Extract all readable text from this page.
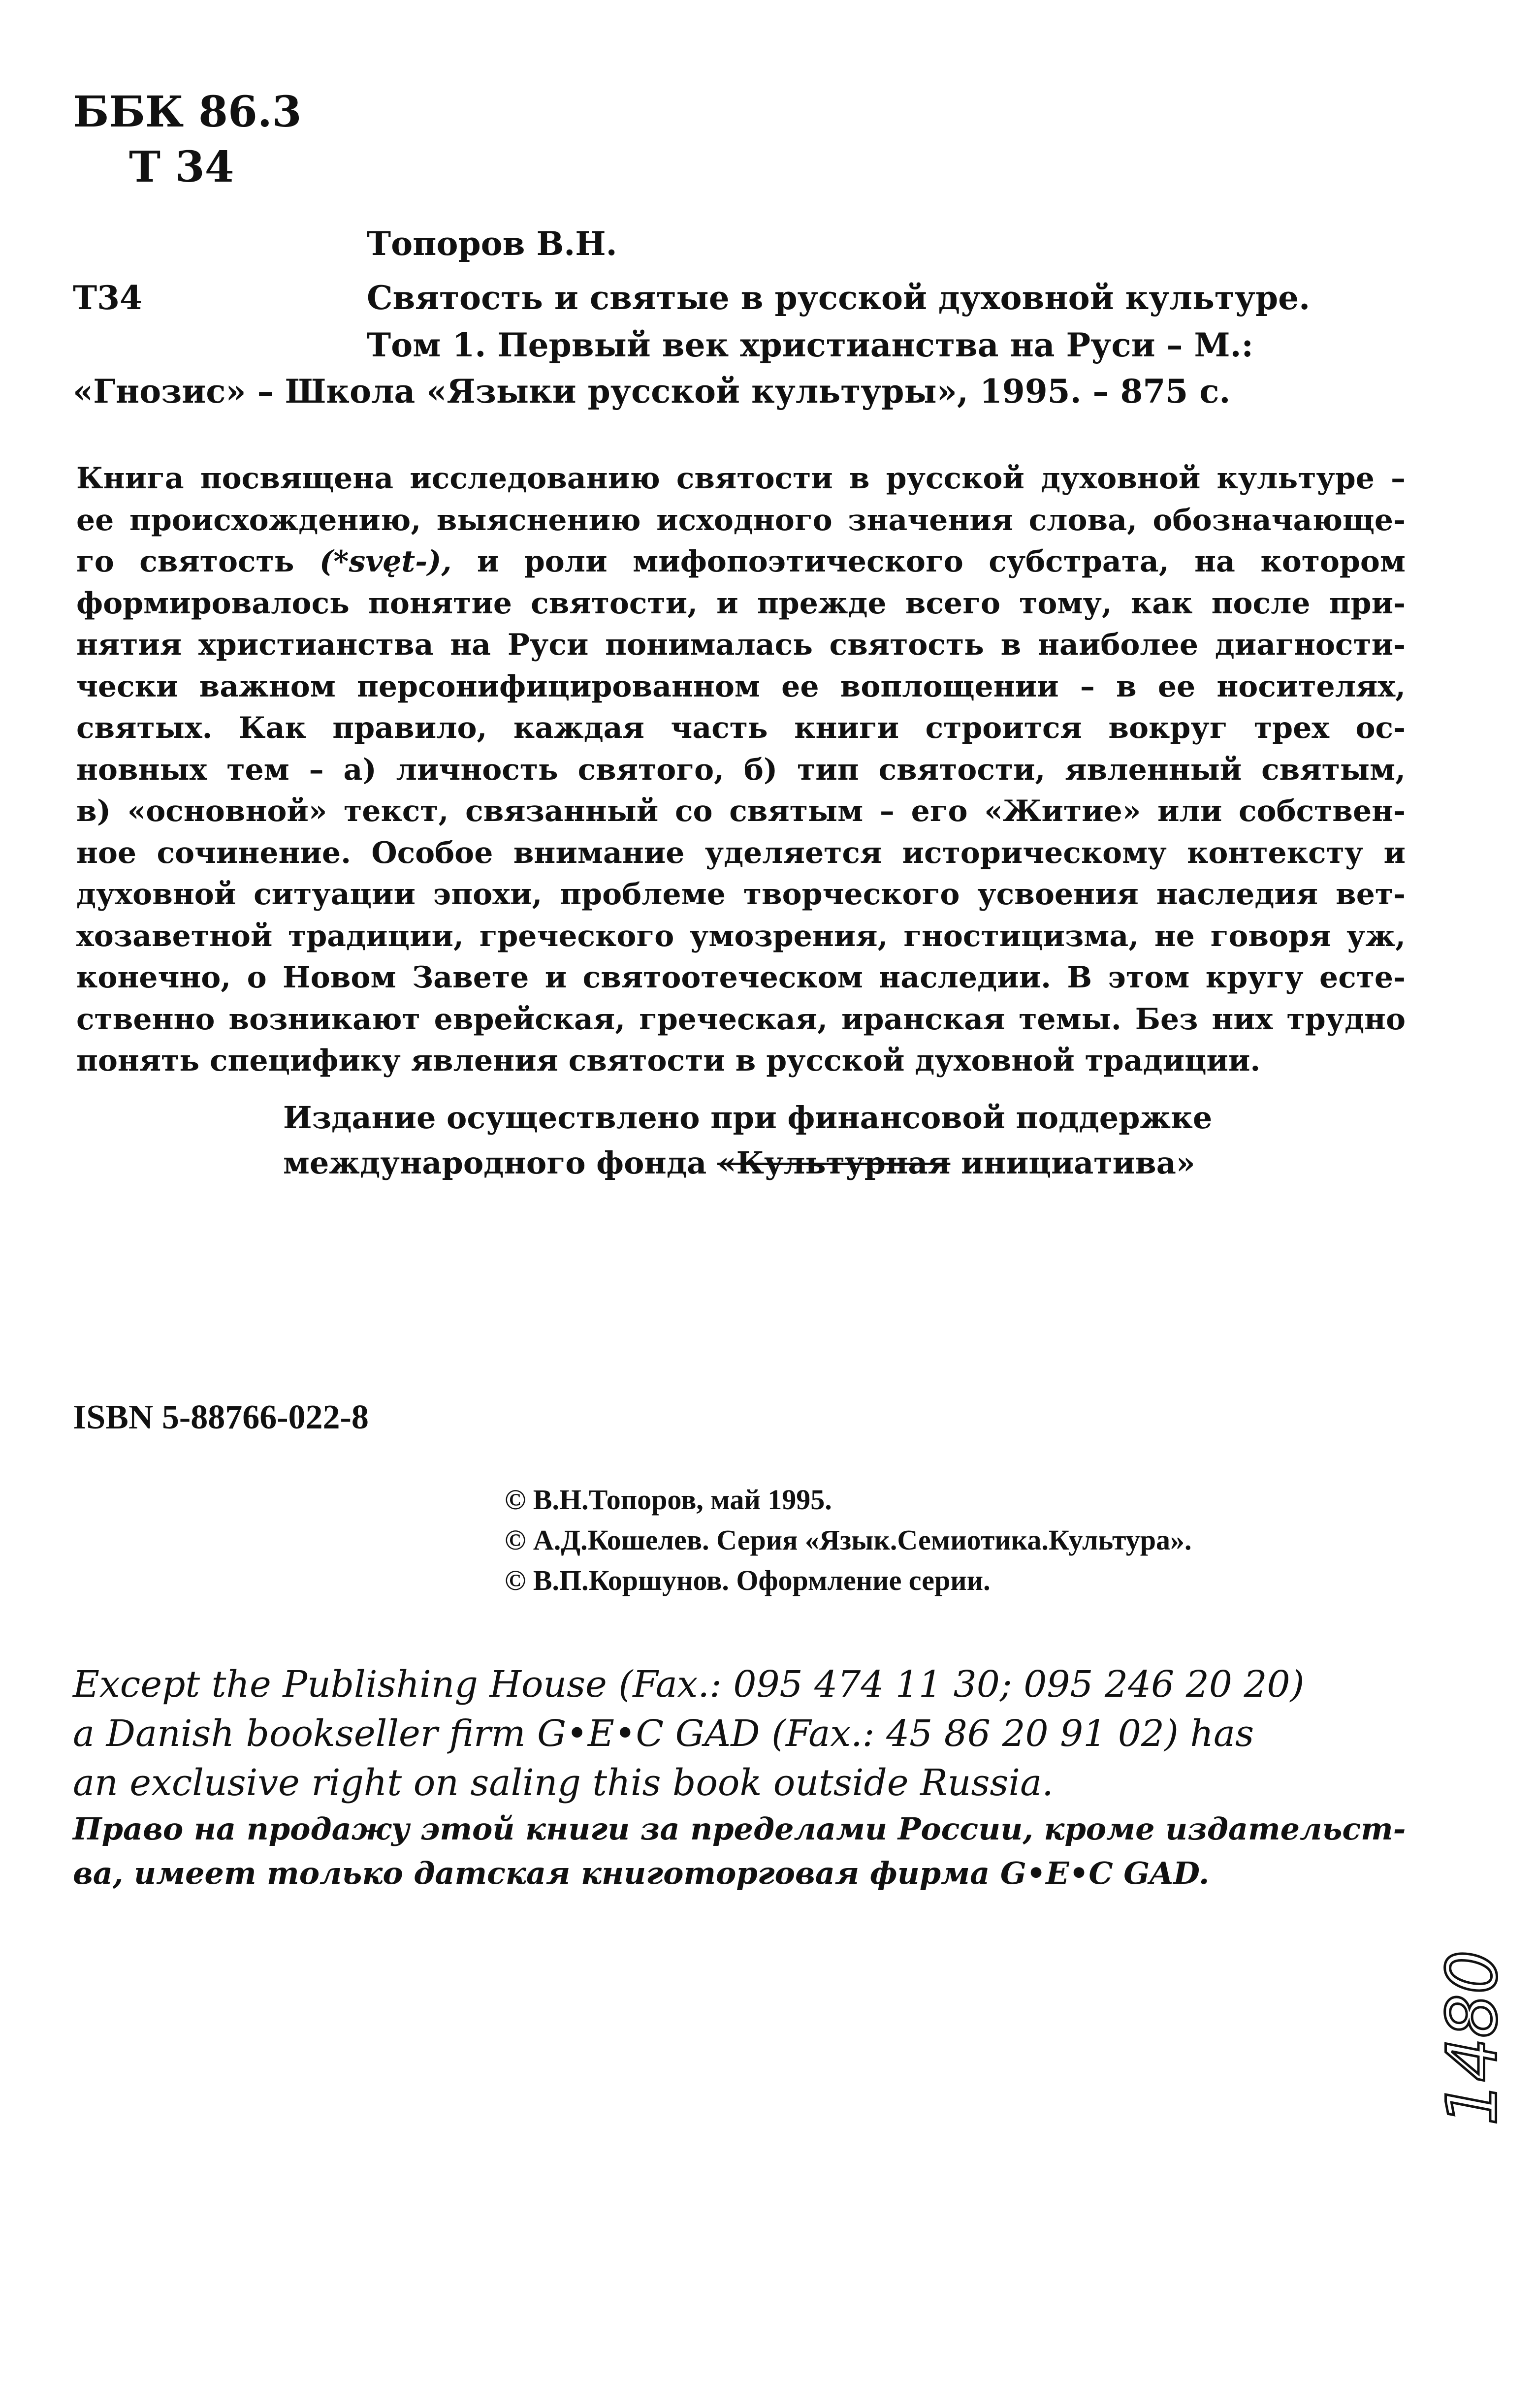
ББК 86.3
Т 34
Топоров В.Н.
Т34	Святость и святые в русской духовной культуре.
Том 1. Первый век христианства на Руси – М.:
«Гнозис» – Школа «Языки русской культуры», 1995. – 875 с.
Книга посвящена исследованию святости в русской духовной культуре –
ее происхождению, выяснению исходного значения слова, обозначающе-
го святость (*svęt-), и роли мифопоэтического субстрата, на котором
формировалось понятие святости, и прежде всего тому, как после при-
нятия христианства на Руси понималась святость в наиболее диагности-
чески важном персонифицированном ее воплощении – в ее носителях,
святых. Как правило, каждая часть книги строится вокруг трех ос-
новных тем – а) личность святого, б) тип святости, явленный святым,
в) «основной» текст, связанный со святым – его «Житие» или собствен-
ное сочинение. Особое внимание уделяется историческому контексту и
духовной ситуации эпохи, проблеме творческого усвоения наследия вет-
хозаветной традиции, греческого умозрения, гностицизма, не говоря уж,
конечно, о Новом Завете и святоотеческом наследии. В этом кругу есте-
ственно возникают еврейская, греческая, иранская темы. Без них трудно
понять специфику явления святости в русской духовной традиции.
Издание осуществлено при финансовой поддержке
международного фонда «Культурная инициатива»
ISBN 5-88766-022-8
© В.Н.Топоров, май 1995.
© А.Д.Кошелев. Серия «Язык.Семиотика.Культура».
© В.П.Коршунов. Оформление серии.
Except the Publishing House (Fax.: 095 474 11 30; 095 246 20 20)
a Danish bookseller firm G•E•C GAD (Fax.: 45 86 20 91 02) has
an exclusive right on saling this book outside Russia.
Право на продажу этой книги за пределами России, кроме издательст-
ва, имеет только датская книготорговая фирма G•E•C GAD.
1480
